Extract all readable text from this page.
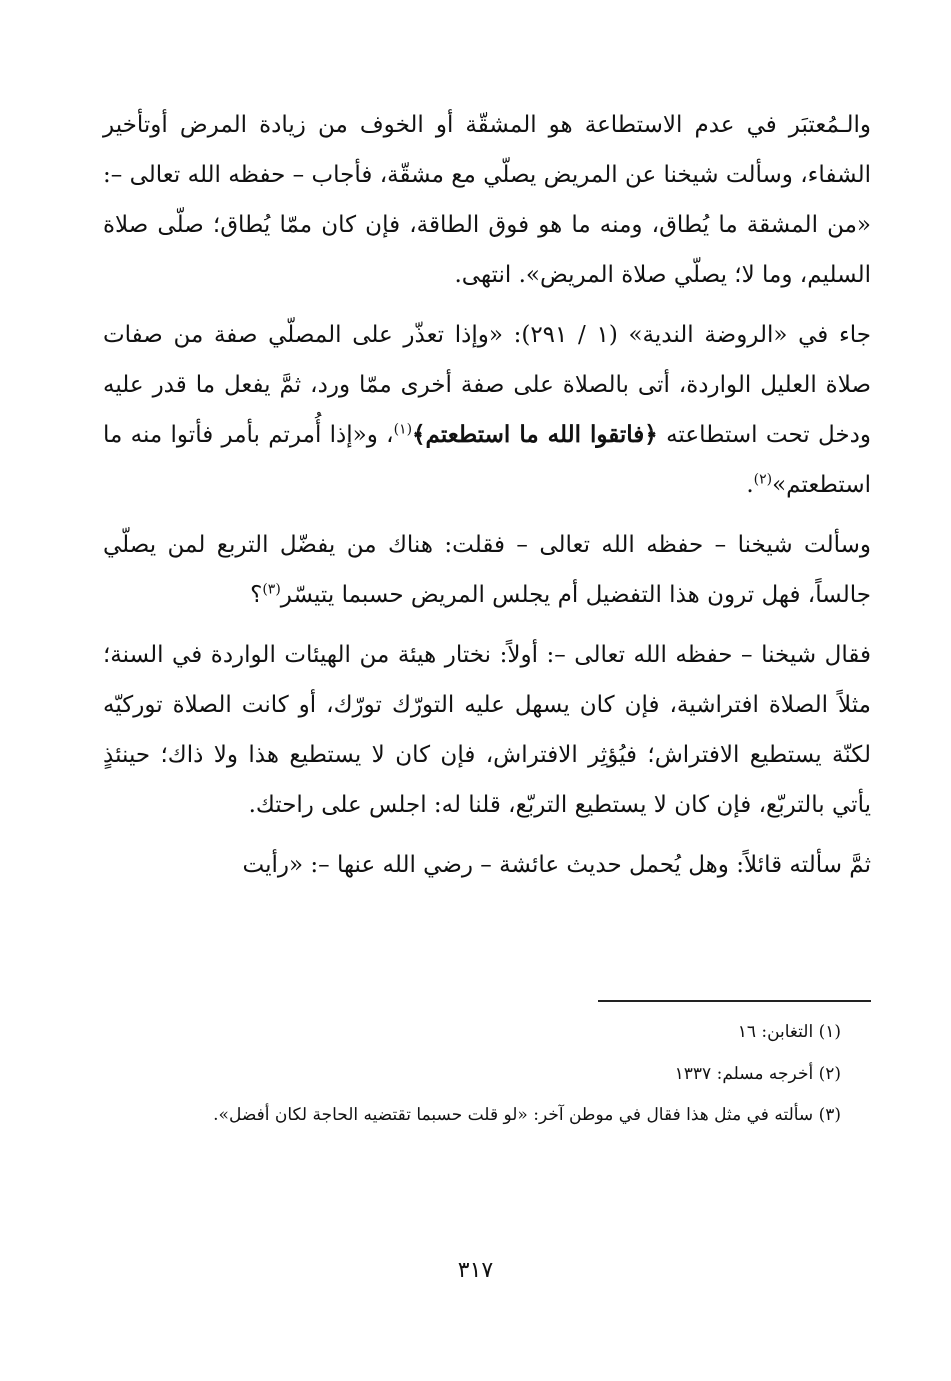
والـمُعتبَر في عدم الاستطاعة هو المشقّة أو الخوف من زيادة المرض أوتأخير الشفاء، وسألت شيخنا عن المريض يصلّي مع مشقّة، فأجاب – حفظه الله تعالى –: «من المشقة ما يُطاق، ومنه ما هو فوق الطاقة، فإن كان ممّا يُطاق؛ صلّى صلاة السليم، وما لا؛ يصلّي صلاة المريض». انتهى.

جاء في «الروضة الندية» (١ / ٢٩١): «وإذا تعذّر على المصلّي صفة من صفات صلاة العليل الواردة، أتى بالصلاة على صفة أخرى ممّا ورد، ثمَّ يفعل ما قدر عليه ودخل تحت استطاعته ﴿فاتقوا الله ما استطعتم﴾$^{(١)}$، و«إذا أُمرتم بأمر فأتوا منه ما استطعتم»$^{(٢)}$.

وسألت شيخنا – حفظه الله تعالى – فقلت: هناك من يفضّل التربع لمن يصلّي جالساً، فهل ترون هذا التفضيل أم يجلس المريض حسبما يتيسّر$^{(٣)}$؟

فقال شيخنا – حفظه الله تعالى –: أولاً: نختار هيئة من الهيئات الواردة في السنة؛ مثلاً الصلاة افتراشية، فإن كان يسهل عليه التورّك تورّك، أو كانت الصلاة توركيّه لكنّة يستطيع الافتراش؛ فيُؤثِر الافتراش، فإن كان لا يستطيع هذا ولا ذاك؛ حينئذٍ يأتي بالتربّع، فإن كان لا يستطيع التربّع، قلنا له: اجلس على راحتك.

ثمَّ سألته قائلاً: وهل يُحمل حديث عائشة – رضي الله عنها –: «رأيت

(١) التغابن: ١٦

(٢) أخرجه مسلم: ١٣٣٧

(٣) سألته في مثل هذا فقال في موطن آخر: «لو قلت حسبما تقتضيه الحاجة لكان أفضل».

٣١٧
